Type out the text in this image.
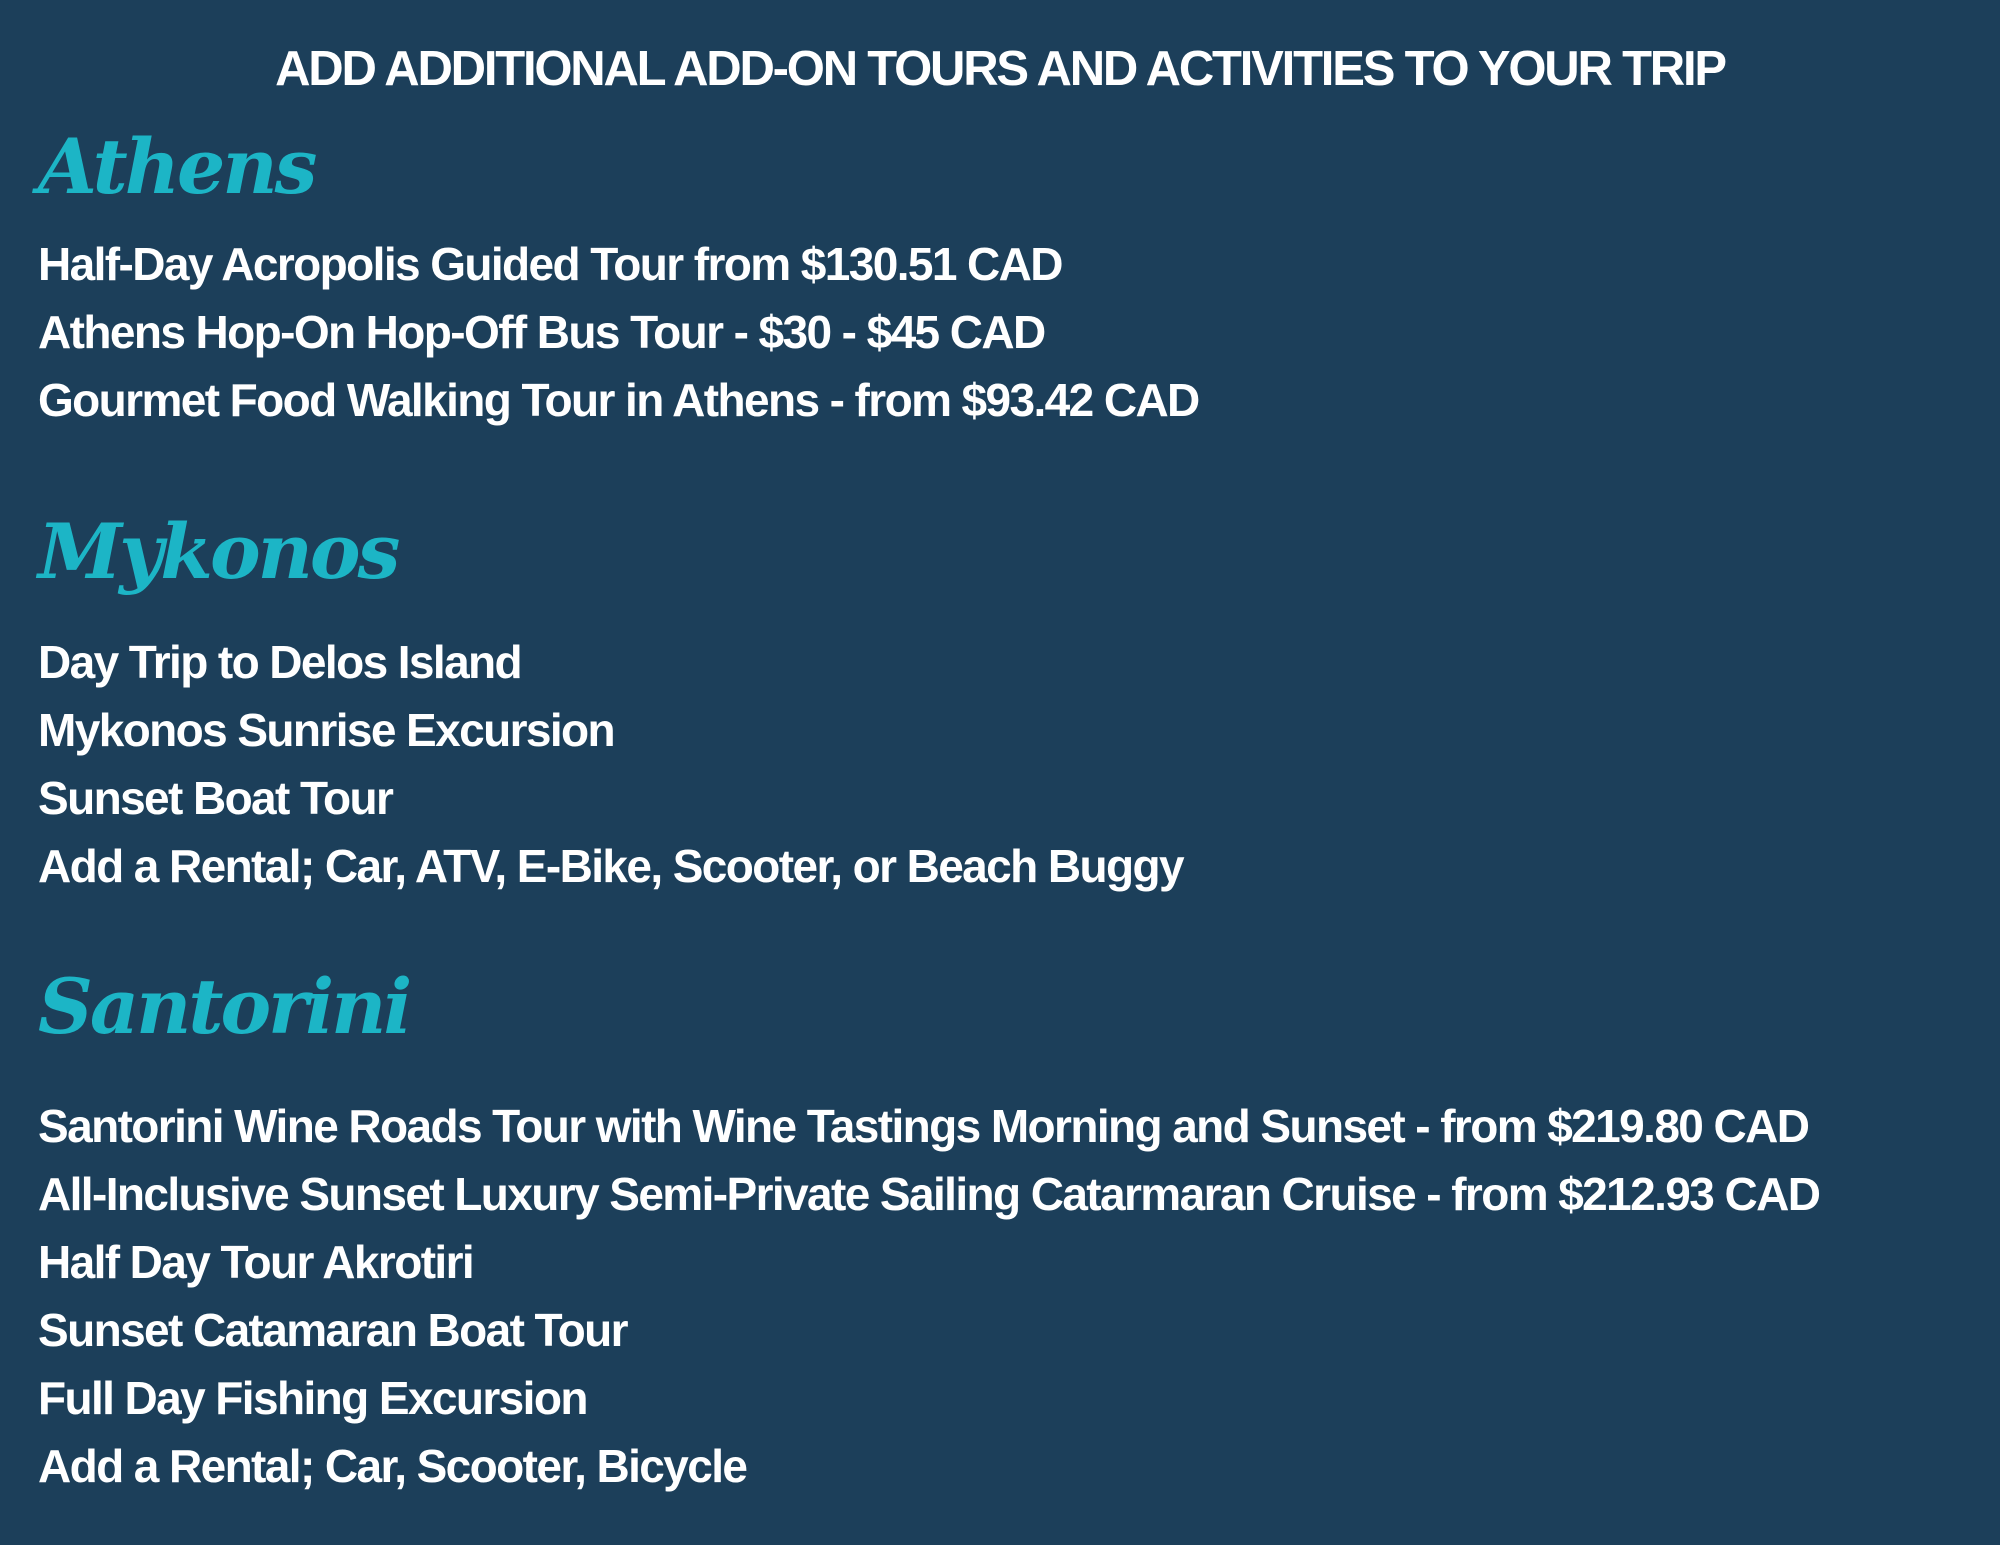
ADD ADDITIONAL ADD-ON TOURS AND ACTIVITIES TO YOUR TRIP
Athens
Half-Day Acropolis Guided Tour from $130.51 CAD
Athens Hop-On Hop-Off Bus Tour - $30 - $45 CAD
Gourmet Food Walking Tour in Athens - from $93.42 CAD
Mykonos
Day Trip to Delos Island
Mykonos Sunrise Excursion
Sunset Boat Tour
Add a Rental; Car, ATV, E-Bike, Scooter, or Beach Buggy
Santorini
Santorini Wine Roads Tour with Wine Tastings Morning and Sunset - from $219.80 CAD
All-Inclusive Sunset Luxury Semi-Private Sailing Catarmaran Cruise - from $212.93 CAD
Half Day Tour Akrotiri
Sunset Catamaran Boat Tour
Full Day Fishing Excursion
Add a Rental; Car, Scooter, Bicycle
